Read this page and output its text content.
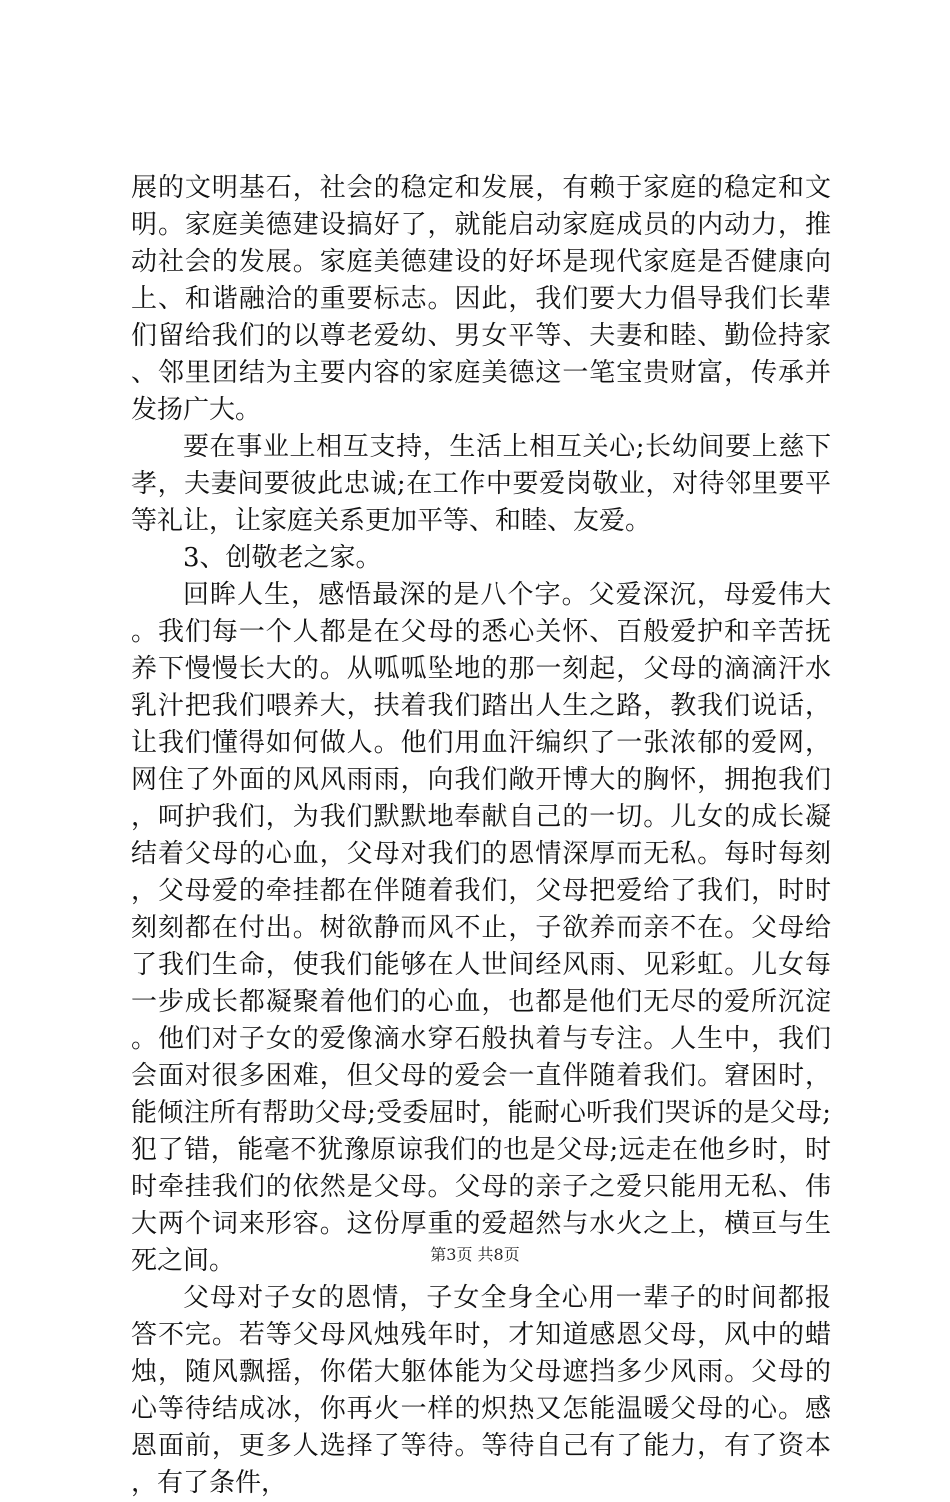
展的文明基石，社会的稳定和发展，有赖于家庭的稳定和文明。家庭美德建设搞好了，就能启动家庭成员的内动力，推动社会的发展。家庭美德建设的好坏是现代家庭是否健康向上、和谐融洽的重要标志。因此，我们要大力倡导我们长辈们留给我们的以尊老爱幼、男女平等、夫妻和睦、勤俭持家、邻里团结为主要内容的家庭美德这一笔宝贵财富，传承并发扬广大。

要在事业上相互支持，生活上相互关心;长幼间要上慈下孝，夫妻间要彼此忠诚;在工作中要爱岗敬业，对待邻里要平等礼让，让家庭关系更加平等、和睦、友爱。

3、创敬老之家。

回眸人生，感悟最深的是八个字。父爱深沉，母爱伟大。我们每一个人都是在父母的悉心关怀、百般爱护和辛苦抚养下慢慢长大的。从呱呱坠地的那一刻起，父母的滴滴汗水乳汁把我们喂养大，扶着我们踏出人生之路，教我们说话，让我们懂得如何做人。他们用血汗编织了一张浓郁的爱网，网住了外面的风风雨雨，向我们敞开博大的胸怀，拥抱我们，呵护我们，为我们默默地奉献自己的一切。儿女的成长凝结着父母的心血，父母对我们的恩情深厚而无私。每时每刻，父母爱的牵挂都在伴随着我们，父母把爱给了我们，时时刻刻都在付出。树欲静而风不止，子欲养而亲不在。父母给了我们生命，使我们能够在人世间经风雨、见彩虹。儿女每一步成长都凝聚着他们的心血，也都是他们无尽的爱所沉淀。他们对子女的爱像滴水穿石般执着与专注。人生中，我们会面对很多困难，但父母的爱会一直伴随着我们。窘困时，能倾注所有帮助父母;受委屈时，能耐心听我们哭诉的是父母;犯了错，能毫不犹豫原谅我们的也是父母;远走在他乡时，时时牵挂我们的依然是父母。父母的亲子之爱只能用无私、伟大两个词来形容。这份厚重的爱超然与水火之上，横亘与生死之间。

父母对子女的恩情，子女全身全心用一辈子的时间都报答不完。若等父母风烛残年时，才知道感恩父母，风中的蜡烛，随风飘摇，你偌大躯体能为父母遮挡多少风雨。父母的心等待结成冰，你再火一样的炽热又怎能温暖父母的心。感恩面前，更多人选择了等待。等待自己有了能力，有了资本，有了条件，

第3页 共8页
